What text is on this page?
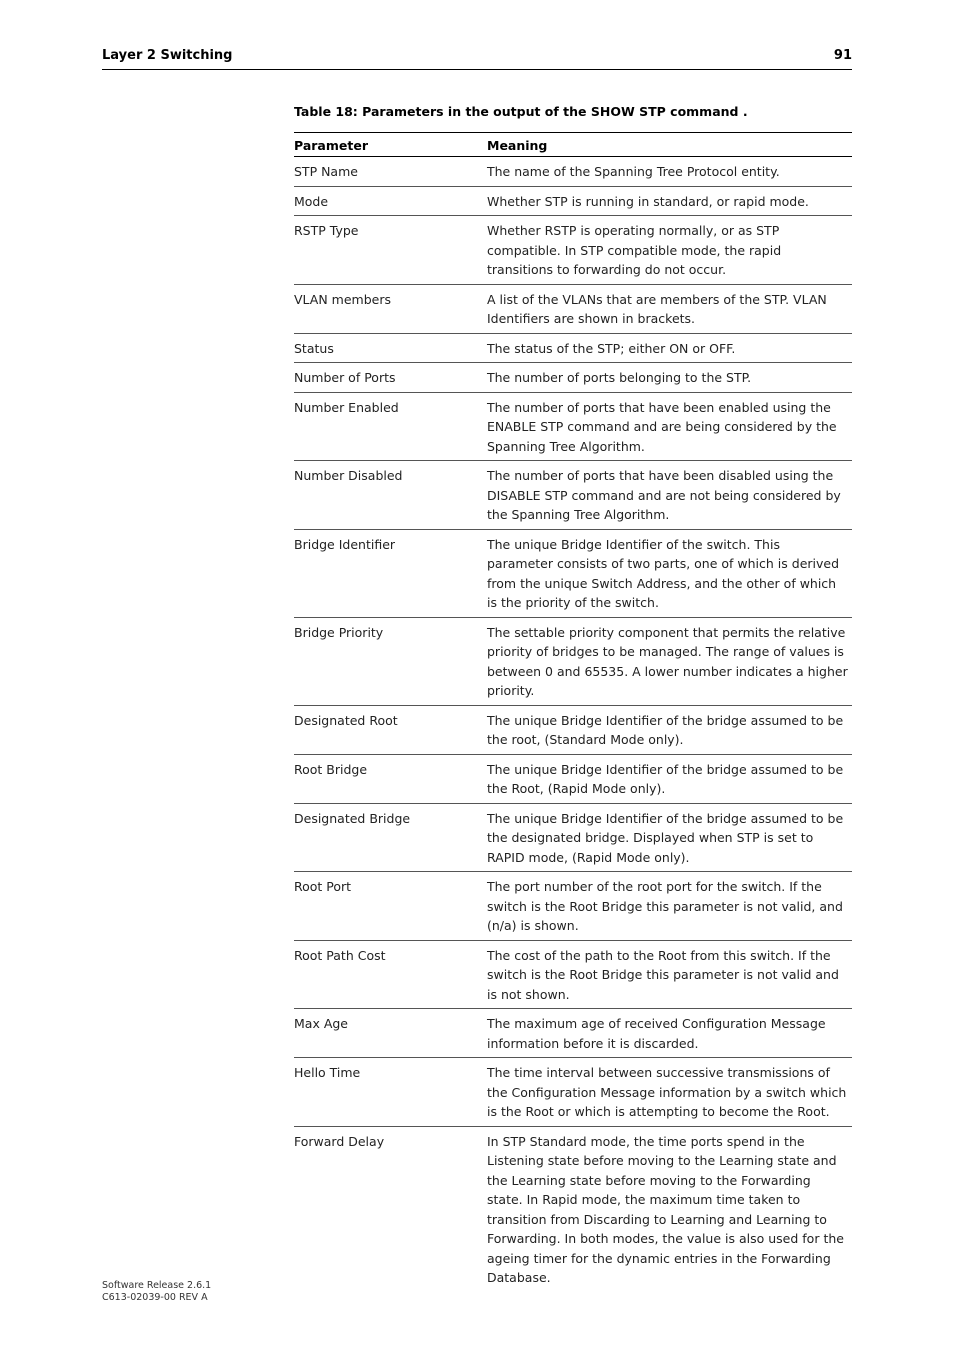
Layer 2 Switching	91
Table 18: Parameters in the output of the SHOW STP command .
Parameter	Meaning
STP Name	The name of the Spanning Tree Protocol entity.
Mode	Whether STP is running in standard, or rapid mode.
RSTP Type	Whether RSTP is operating normally, or as STP compatible. In STP compatible mode, the rapid transitions to forwarding do not occur.
VLAN members	A list of the VLANs that are members of the STP. VLAN Identifiers are shown in brackets.
Status	The status of the STP; either ON or OFF.
Number of Ports	The number of ports belonging to the STP.
Number Enabled	The number of ports that have been enabled using the ENABLE STP command and are being considered by the Spanning Tree Algorithm.
Number Disabled	The number of ports that have been disabled using the DISABLE STP command and are not being considered by the Spanning Tree Algorithm.
Bridge Identifier	The unique Bridge Identifier of the switch. This parameter consists of two parts, one of which is derived from the unique Switch Address, and the other of which is the priority of the switch.
Bridge Priority	The settable priority component that permits the relative priority of bridges to be managed. The range of values is between 0 and 65535. A lower number indicates a higher priority.
Designated Root	The unique Bridge Identifier of the bridge assumed to be the root, (Standard Mode only).
Root Bridge	The unique Bridge Identifier of the bridge assumed to be the Root, (Rapid Mode only).
Designated Bridge	The unique Bridge Identifier of the bridge assumed to be the designated bridge. Displayed when STP is set to RAPID mode, (Rapid Mode only).
Root Port	The port number of the root port for the switch. If the switch is the Root Bridge this parameter is not valid, and (n/a) is shown.
Root Path Cost	The cost of the path to the Root from this switch. If the switch is the Root Bridge this parameter is not valid and is not shown.
Max Age	The maximum age of received Configuration Message information before it is discarded.
Hello Time	The time interval between successive transmissions of the Configuration Message information by a switch which is the Root or which is attempting to become the Root.
Forward Delay	In STP Standard mode, the time ports spend in the Listening state before moving to the Learning state and the Learning state before moving to the Forwarding state. In Rapid mode, the maximum time taken to transition from Discarding to Learning and Learning to Forwarding. In both modes, the value is also used for the ageing timer for the dynamic entries in the Forwarding Database.
Software Release 2.6.1
C613-02039-00 REV A
